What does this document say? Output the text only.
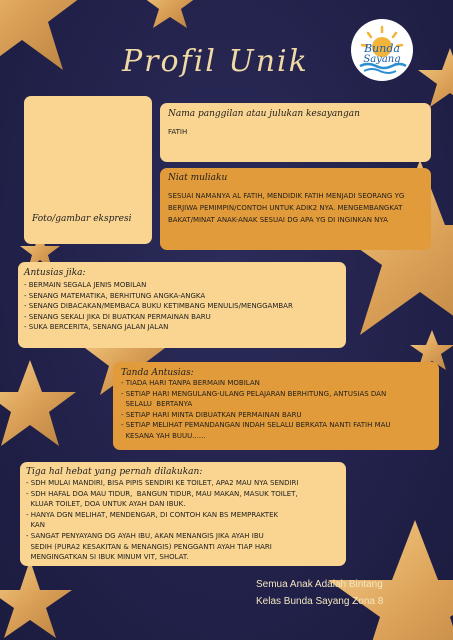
Profil Unik	Bunda
Sayang
Foto/gambar ekspresi
Nama panggilan atau julukan kesayangan
FATIH
Niat muliaku
SESUAI NAMANYA AL FATIH, MENDIDIK FATIH MENJADI SEORANG YG BERJIWA PEMIMPIN/CONTOH UNTUK ADIK2 NYA. MENGEMBANGKAT BAKAT/MINAT ANAK-ANAK SESUAI DG APA YG DI INGINKAN NYA
Antusias jika:
- BERMAIN SEGALA JENIS MOBILAN
- SENANG MATEMATIKA, BERHITUNG ANGKA-ANGKA
- SENANG DIBACAKAN/MEMBACA BUKU KETIMBANG MENULIS/MENGGAMBAR
- SENANG SEKALI JIKA DI BUATKAN PERMAINAN BARU
- SUKA BERCERITA, SENANG JALAN JALAN
Tanda Antusias:
- TIADA HARI TANPA BERMAIN MOBILAN
- SETIAP HARI MENGULANG-ULANG PELAJARAN BERHITUNG, ANTUSIAS DAN
SELALU  BERTANYA
- SETIAP HARI MINTA DIBUATKAN PERMAINAN BARU
- SETIAP MELIHAT PEMANDANGAN INDAH SELALU BERKATA NANTI FATIH MAU
KESANA YAH BUUU......
Tiga hal hebat yang pernah dilakukan:
- SDH MULAI MANDIRI, BISA PIPIS SENDIRI KE TOILET, APA2 MAU NYA SENDIRI
- SDH HAFAL DOA MAU TIDUR,  BANGUN TIDUR, MAU MAKAN, MASUK TOILET,
KLUAR TOILET, DOA UNTUK AYAH DAN IBUK.
- HANYA DGN MELIHAT, MENDENGAR, DI CONTOH KAN BS MEMPRAKTEK
KAN
- SANGAT PENYAYANG DG AYAH IBU, AKAN MENANGIS JIKA AYAH IBU
SEDIH (PURA2 KESAKITAN & MENANGIS) PENGGANTI AYAH TIAP HARI
MENGINGATKAN SI IBUK MINUM VIT, SHOLAT.
Semua Anak Adalah Bintang
Kelas Bunda Sayang Zona 8
